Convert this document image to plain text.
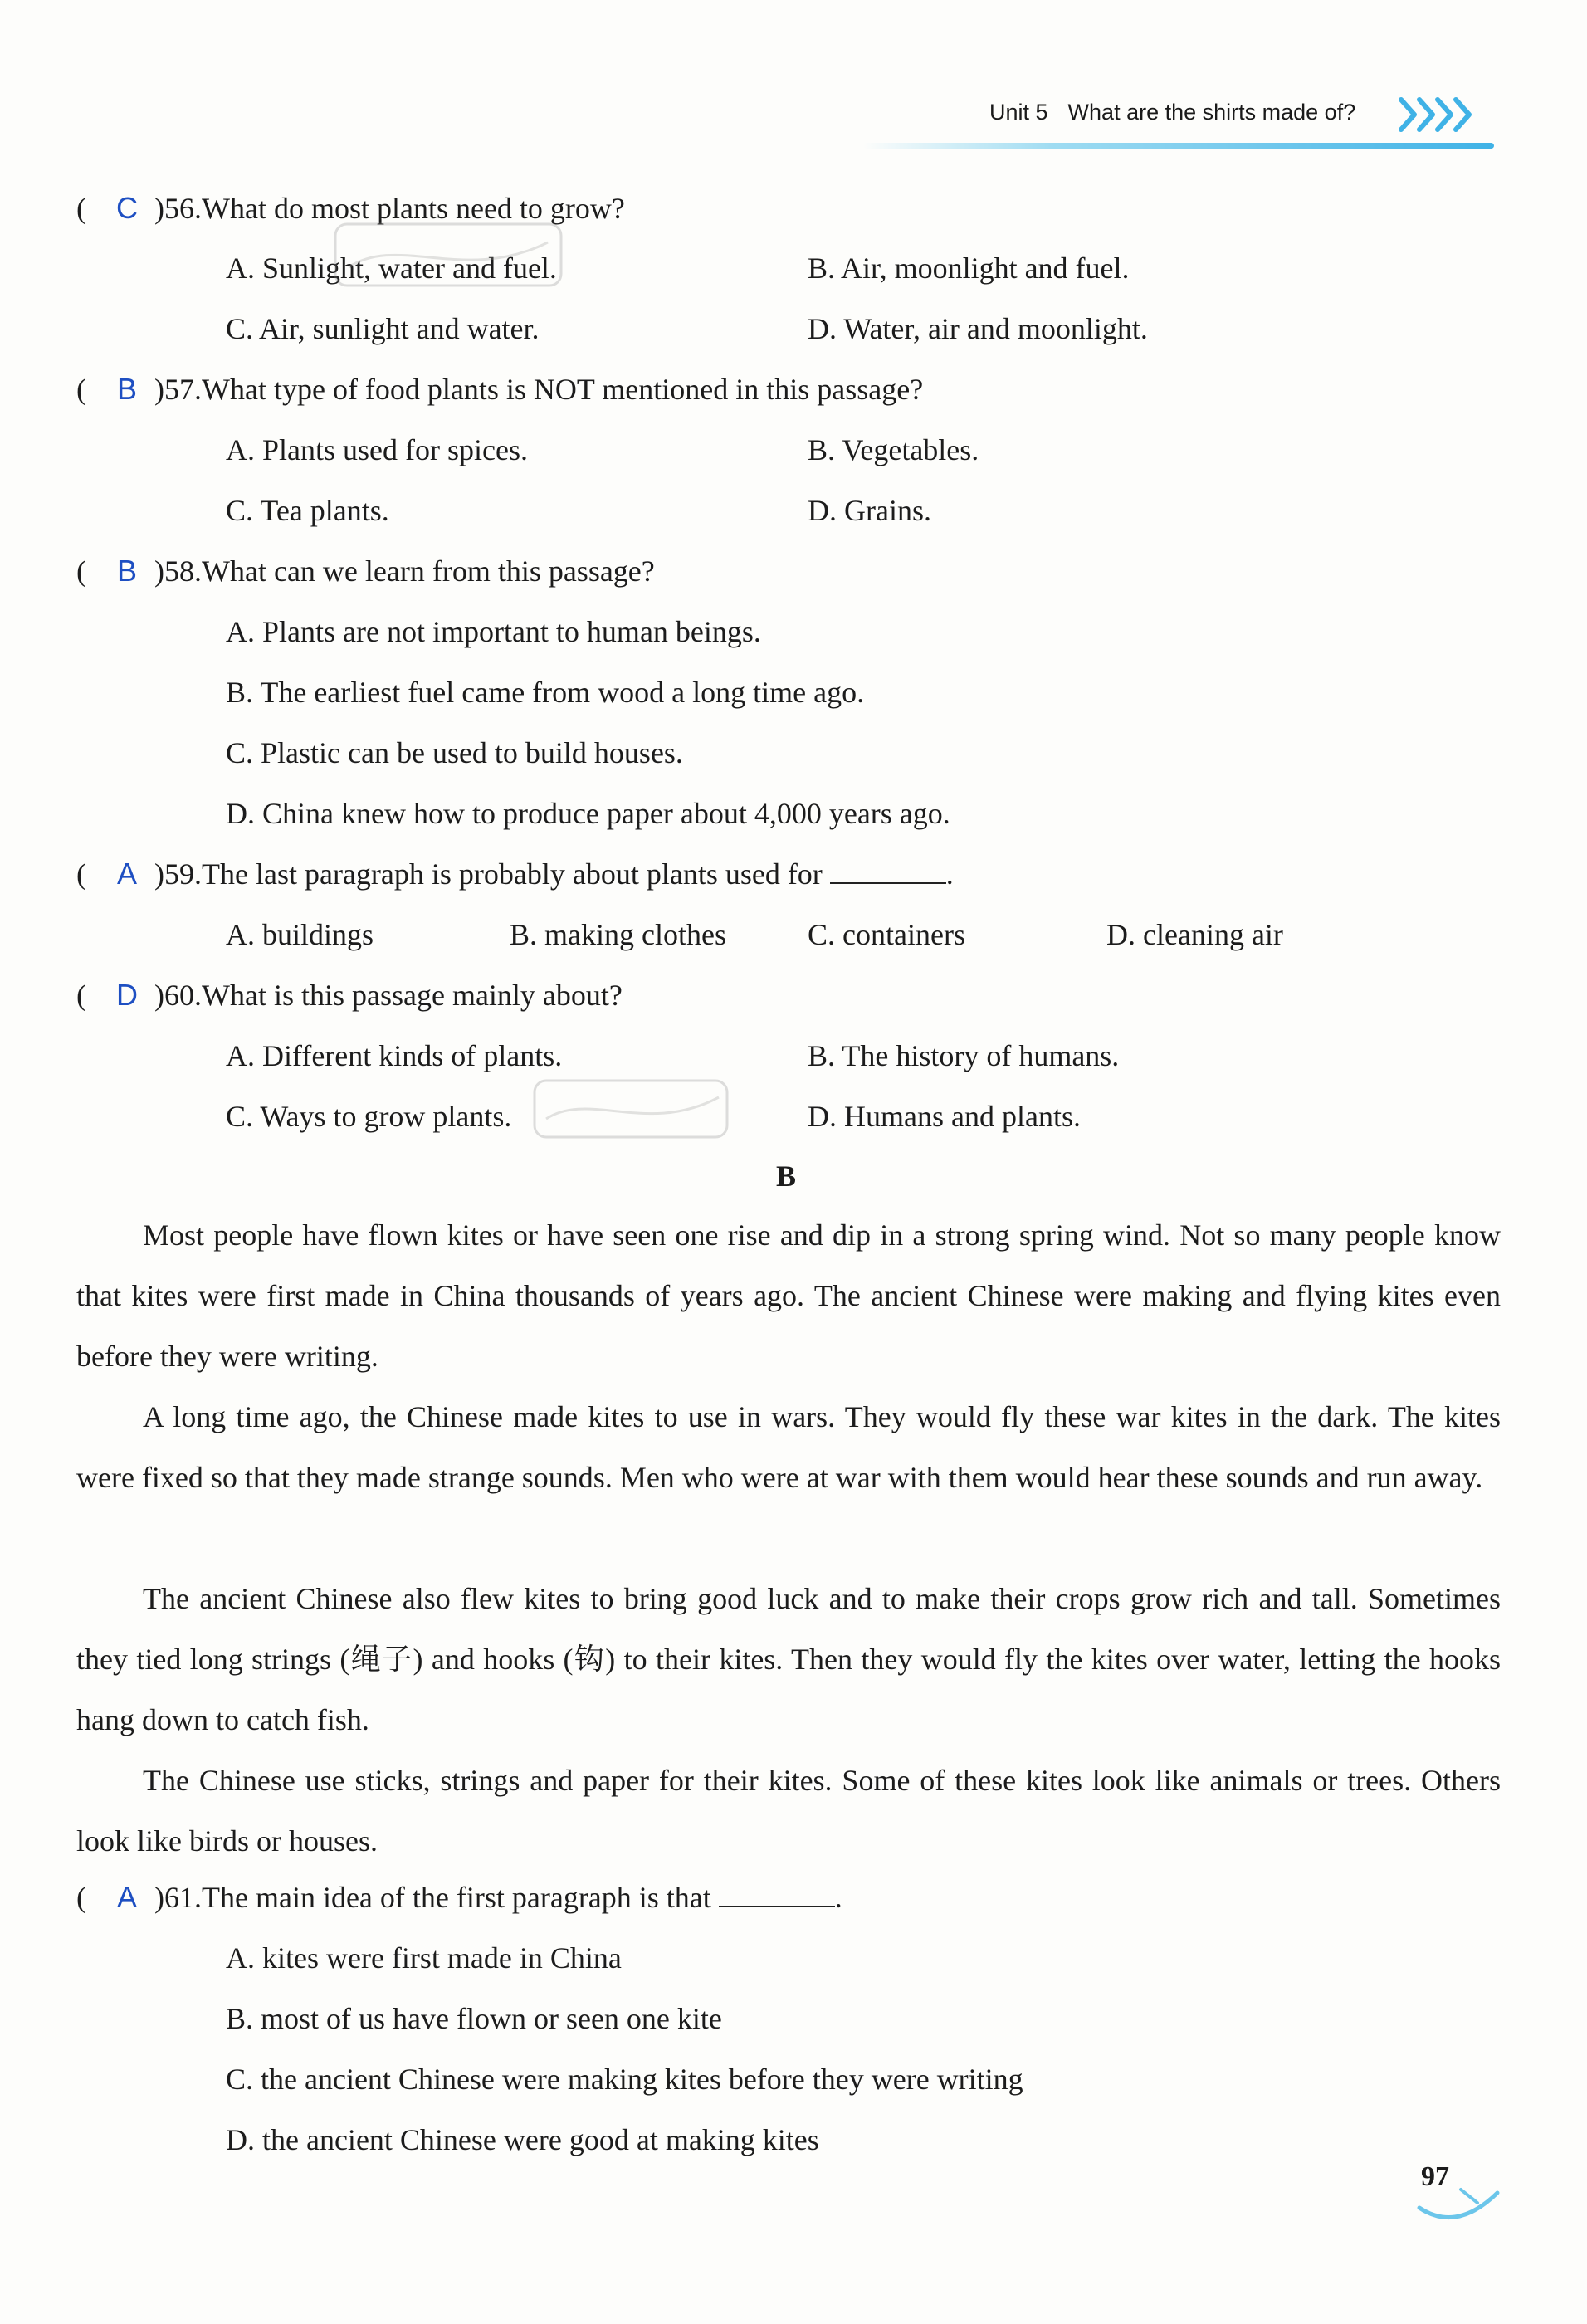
Unit 5 What are the shirts made of?
( C )56.What do most plants need to grow?
A. Sunlight, water and fuel.	B. Air, moonlight and fuel.
C. Air, sunlight and water.	D. Water, air and moonlight.
( B )57.What type of food plants is NOT mentioned in this passage?
A. Plants used for spices.	B. Vegetables.
C. Tea plants.	D. Grains.
( B )58.What can we learn from this passage?
A. Plants are not important to human beings.
B. The earliest fuel came from wood a long time ago.
C. Plastic can be used to build houses.
D. China knew how to produce paper about 4,000 years ago.
( A )59.The last paragraph is probably about plants used for	.
A. buildings	B. making clothes	C. containers	D. cleaning air
( D )60.What is this passage mainly about?
A. Different kinds of plants.	B. The history of humans.
C. Ways to grow plants.	D. Humans and plants.
B
Most people have flown kites or have seen one rise and dip in a strong spring wind. Not so many people know that kites were first made in China thousands of years ago. The ancient Chinese were making and flying kites even before they were writing.
A long time ago, the Chinese made kites to use in wars. They would fly these war kites in the dark. The kites were fixed so that they made strange sounds. Men who were at war with them would hear these sounds and run away.
The ancient Chinese also flew kites to bring good luck and to make their crops grow rich and tall. Sometimes they tied long strings (绳子) and hooks (钩) to their kites. Then they would fly the kites over water, letting the hooks hang down to catch fish.
The Chinese use sticks, strings and paper for their kites. Some of these kites look like animals or trees. Others look like birds or houses.
( A )61.The main idea of the first paragraph is that	.
A. kites were first made in China
B. most of us have flown or seen one kite
C. the ancient Chinese were making kites before they were writing
D. the ancient Chinese were good at making kites
97
